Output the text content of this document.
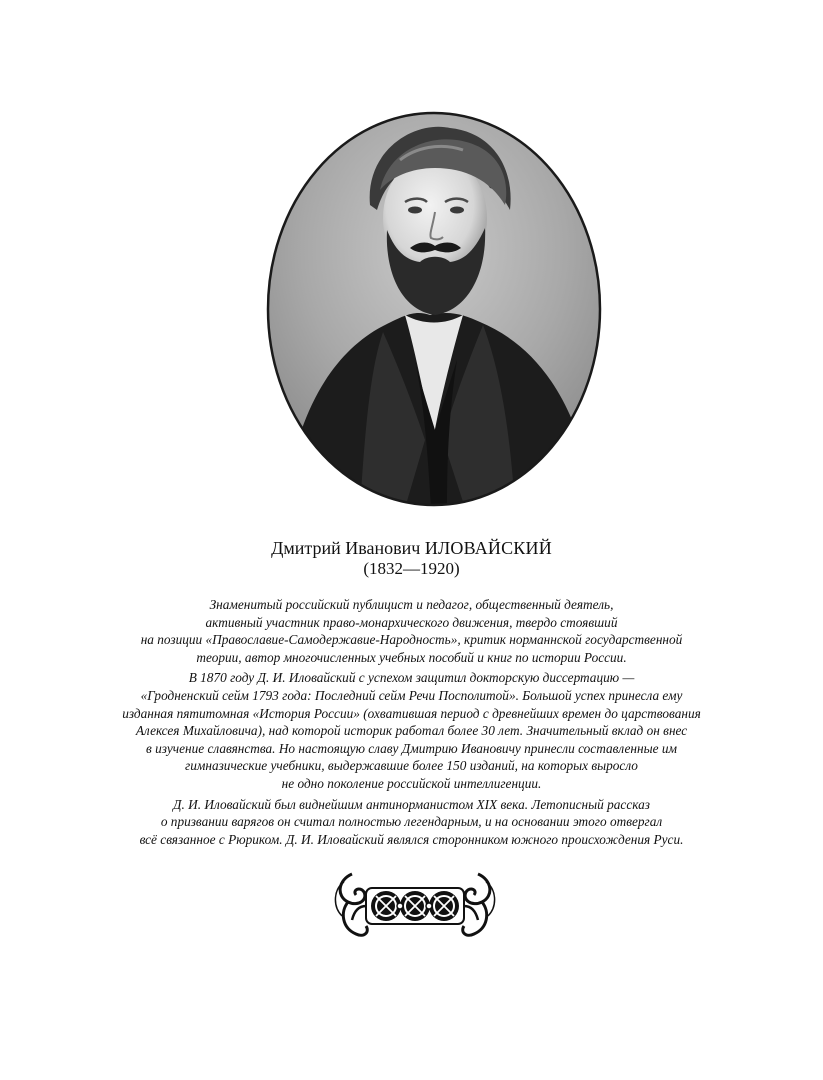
Дмитрий Иванович ИЛОВАЙСКИЙ
(1832—1920)

Знаменитый российский публицист и педагог, общественный деятель,
активный участник право-монархического движения, твердо стоявший
на позиции «Православие-Самодержавие-Народность», критик норманнской государственной
теории, автор многочисленных учебных пособий и книг по истории России.

В 1870 году Д. И. Иловайский с успехом защитил докторскую диссертацию —
«Гродненский сейм 1793 года: Последний сейм Речи Посполитой». Большой успех принесла ему
изданная пятитомная «История России» (охватившая период с древнейших времен до царствования
Алексея Михайловича), над которой историк работал более 30 лет. Значительный вклад он внес
в изучение славянства. Но настоящую славу Дмитрию Ивановичу принесли составленные им
гимназические учебники, выдержавшие более 150 изданий, на которых выросло
не одно поколение российской интеллигенции.

Д. И. Иловайский был виднейшим антинорманистом XIX века. Летописный рассказ
о призвании варягов он считал полностью легендарным, и на основании этого отвергал
всё связанное с Рюриком. Д. И. Иловайский являлся сторонником южного происхождения Руси.
